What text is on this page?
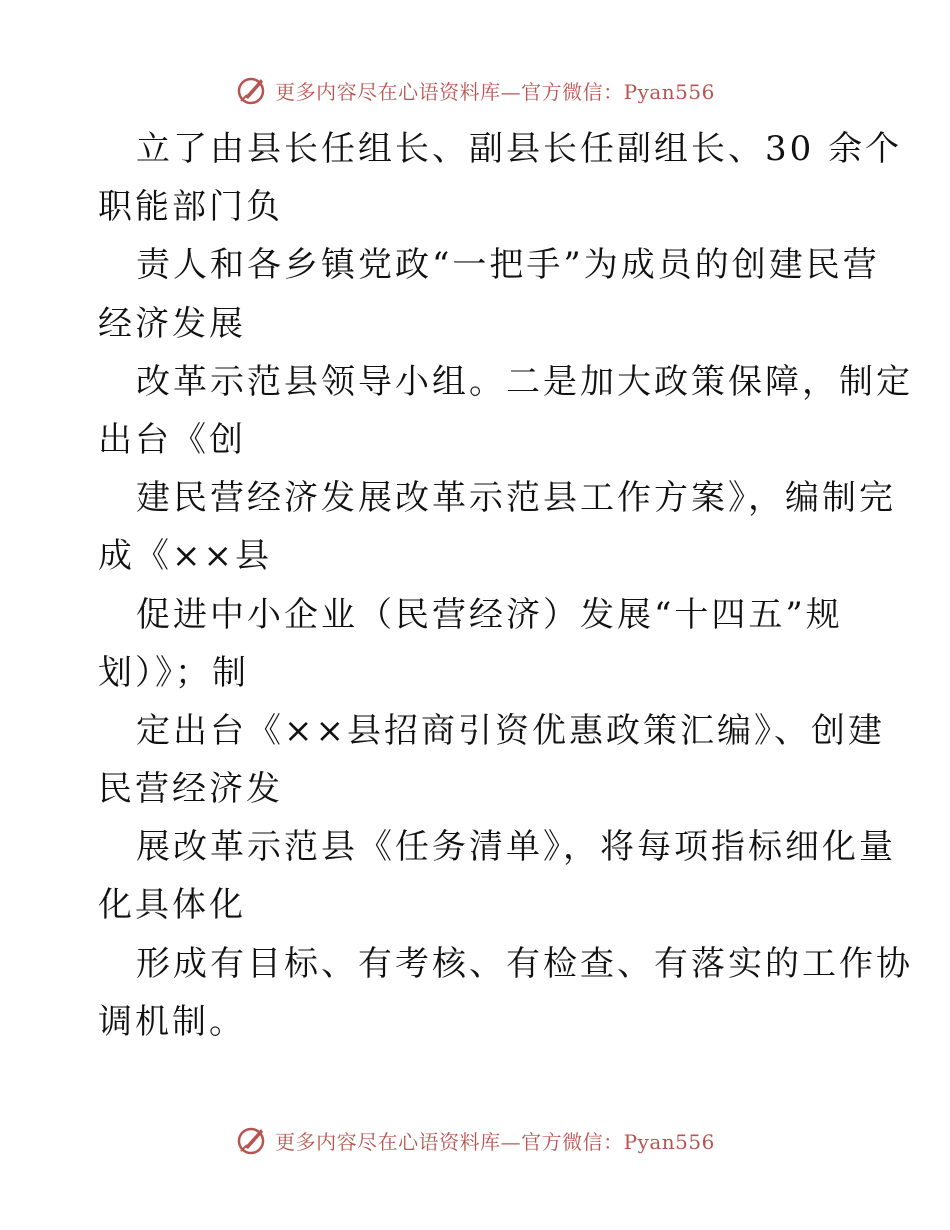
更多内容尽在心语资料库—官方微信：Pyan556
立了由县长任组长、副县长任副组长、30 余个
职能部门负
责人和各乡镇党政“一把手”为成员的创建民营
经济发展
改革示范县领导小组。二是加大政策保障，制定
出台《创
建民营经济发展改革示范县工作方案》，编制完
成《××县
促进中小企业（民营经济）发展“十四五”规
划）》；制
定出台《××县招商引资优惠政策汇编》、创建
民营经济发
展改革示范县《任务清单》，将每项指标细化量
化具体化
形成有目标、有考核、有检查、有落实的工作协
调机制。
更多内容尽在心语资料库—官方微信：Pyan556
